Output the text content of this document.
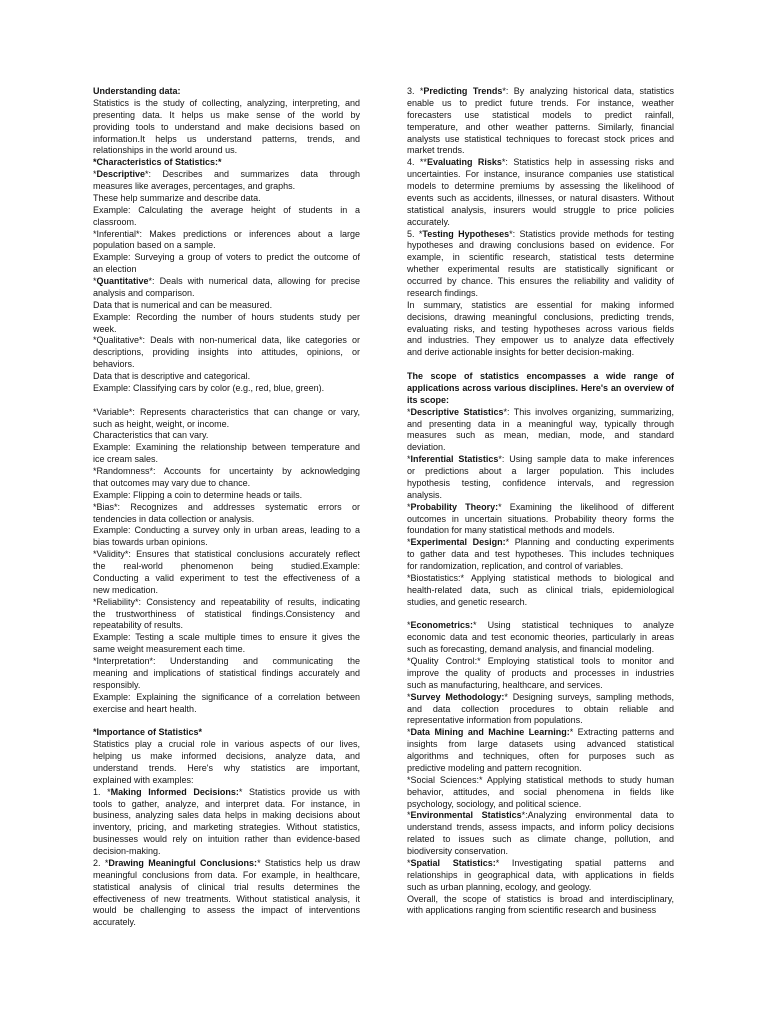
Understanding data:
Statistics is the study of collecting, analyzing, interpreting, and
presenting data. It helps us make sense of the world by
providing tools to understand and make decisions based on
information.It helps us understand patterns, trends, and
relationships in the world around us.
*Characteristics of Statistics:*
*Descriptive*: Describes and summarizes data through
measures like averages, percentages, and graphs.
These help summarize and describe data.
Example: Calculating the average height of students in a
classroom.
*Inferential*: Makes predictions or inferences about a large
population based on a sample.
Example: Surveying a group of voters to predict the outcome of
an election
*Quantitative*: Deals with numerical data, allowing for precise
analysis and comparison.
Data that is numerical and can be measured.
Example: Recording the number of hours students study per
week.
*Qualitative*: Deals with non-numerical data, like categories or
descriptions, providing insights into attitudes, opinions, or
behaviors.
Data that is descriptive and categorical.
Example: Classifying cars by color (e.g., red, blue, green).
*Variable*: Represents characteristics that can change or vary,
such as height, weight, or income.
Characteristics that can vary.
Example: Examining the relationship between temperature and
ice cream sales.
*Randomness*: Accounts for uncertainty by acknowledging
that outcomes may vary due to chance.
Example: Flipping a coin to determine heads or tails.
*Bias*: Recognizes and addresses systematic errors or
tendencies in data collection or analysis.
Example: Conducting a survey only in urban areas, leading to a
bias towards urban opinions.
*Validity*: Ensures that statistical conclusions accurately reflect
the real-world phenomenon being studied.Example:
Conducting a valid experiment to test the effectiveness of a
new medication.
*Reliability*: Consistency and repeatability of results, indicating
the trustworthiness of statistical findings.Consistency and
repeatability of results.
Example: Testing a scale multiple times to ensure it gives the
same weight measurement each time.
*Interpretation*: Understanding and communicating the
meaning and implications of statistical findings accurately and
responsibly.
Example: Explaining the significance of a correlation between
exercise and heart health.
*Importance of Statistics*
Statistics play a crucial role in various aspects of our lives,
helping us make informed decisions, analyze data, and
understand trends. Here's why statistics are important,
explained with examples:
1. *Making Informed Decisions:* Statistics provide us with
tools to gather, analyze, and interpret data. For instance, in
business, analyzing sales data helps in making decisions about
inventory, pricing, and marketing strategies. Without statistics,
businesses would rely on intuition rather than evidence-based
decision-making.
2. *Drawing Meaningful Conclusions:* Statistics help us draw
meaningful conclusions from data. For example, in healthcare,
statistical analysis of clinical trial results determines the
effectiveness of new treatments. Without statistical analysis, it
would be challenging to assess the impact of interventions
accurately.
3. *Predicting Trends*: By analyzing historical data, statistics
enable us to predict future trends. For instance, weather
forecasters use statistical models to predict rainfall,
temperature, and other weather patterns. Similarly, financial
analysts use statistical techniques to forecast stock prices and
market trends.
4. **Evaluating Risks*: Statistics help in assessing risks and
uncertainties. For instance, insurance companies use statistical
models to determine premiums by assessing the likelihood of
events such as accidents, illnesses, or natural disasters. Without
statistical analysis, insurers would struggle to price policies
accurately.
5. *Testing Hypotheses*: Statistics provide methods for testing
hypotheses and drawing conclusions based on evidence. For
example, in scientific research, statistical tests determine
whether experimental results are statistically significant or
occurred by chance. This ensures the reliability and validity of
research findings.
In summary, statistics are essential for making informed
decisions, drawing meaningful conclusions, predicting trends,
evaluating risks, and testing hypotheses across various fields
and industries. They empower us to analyze data effectively
and derive actionable insights for better decision-making.
The scope of statistics encompasses a wide range of
applications across various disciplines. Here's an overview of
its scope:
*Descriptive Statistics*: This involves organizing, summarizing,
and presenting data in a meaningful way, typically through
measures such as mean, median, mode, and standard
deviation.
*Inferential Statistics*: Using sample data to make inferences
or predictions about a larger population. This includes
hypothesis testing, confidence intervals, and regression
analysis.
*Probability Theory:* Examining the likelihood of different
outcomes in uncertain situations. Probability theory forms the
foundation for many statistical methods and models.
*Experimental Design:* Planning and conducting experiments
to gather data and test hypotheses. This includes techniques
for randomization, replication, and control of variables.
*Biostatistics:* Applying statistical methods to biological and
health-related data, such as clinical trials, epidemiological
studies, and genetic research.
*Econometrics:* Using statistical techniques to analyze
economic data and test economic theories, particularly in areas
such as forecasting, demand analysis, and financial modeling.
*Quality Control:* Employing statistical tools to monitor and
improve the quality of products and processes in industries
such as manufacturing, healthcare, and services.
*Survey Methodology:* Designing surveys, sampling methods,
and data collection procedures to obtain reliable and
representative information from populations.
*Data Mining and Machine Learning:* Extracting patterns and
insights from large datasets using advanced statistical
algorithms and techniques, often for purposes such as
predictive modeling and pattern recognition.
*Social Sciences:* Applying statistical methods to study human
behavior, attitudes, and social phenomena in fields like
psychology, sociology, and political science.
*Environmental Statistics*:Analyzing environmental data to
understand trends, assess impacts, and inform policy decisions
related to issues such as climate change, pollution, and
biodiversity conservation.
*Spatial Statistics:* Investigating spatial patterns and
relationships in geographical data, with applications in fields
such as urban planning, ecology, and geology.
Overall, the scope of statistics is broad and interdisciplinary,
with applications ranging from scientific research and business
